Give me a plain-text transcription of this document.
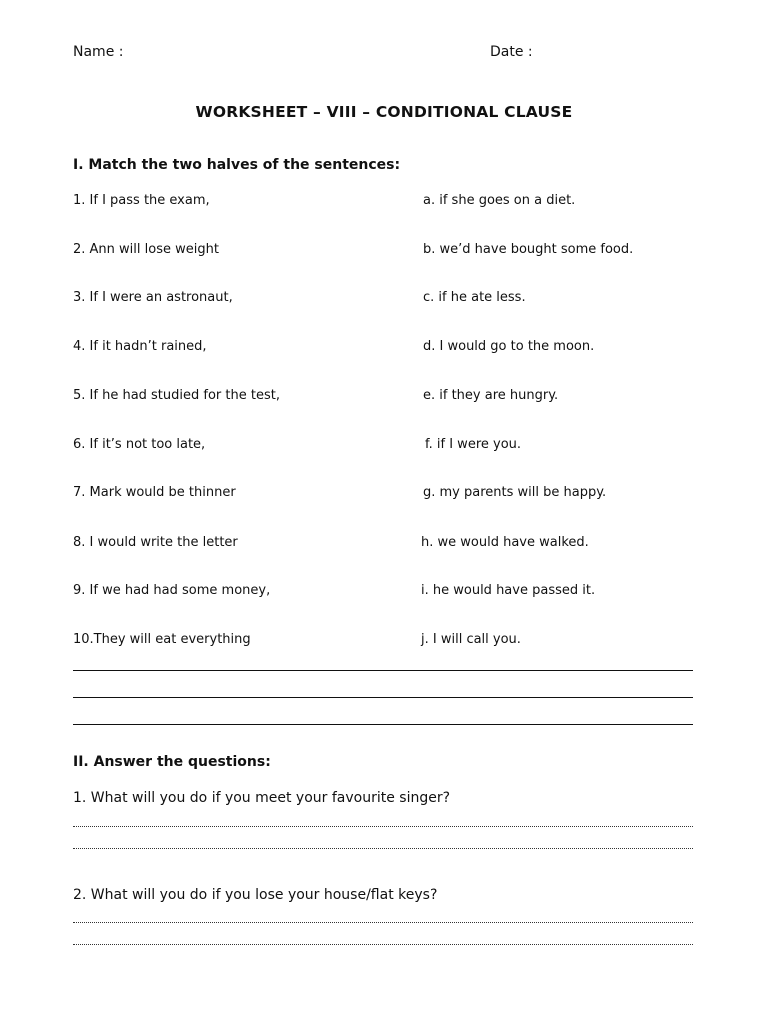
Name :	Date :
WORKSHEET – VIII – CONDITIONAL CLAUSE
I. Match the two halves of the sentences:
1. If I pass the exam,
2. Ann will lose weight
3. If I were an astronaut,
4. If it hadn’t rained,
5. If he had studied for the test,
6. If it’s not too late,
7. Mark would be thinner
8. I would write the letter
9. If we had had some money,
10.They will eat everything
a. if she goes on a diet.
b. we’d have bought some food.
c. if he ate less.
d. I would go to the moon.
e. if they are hungry.
f. if I were you.
g. my parents will be happy.
h. we would have walked.
i. he would have passed it.
j. I will call you.
II. Answer the questions:
1. What will you do if you meet your favourite singer?
2. What will you do if you lose your house/flat keys?
